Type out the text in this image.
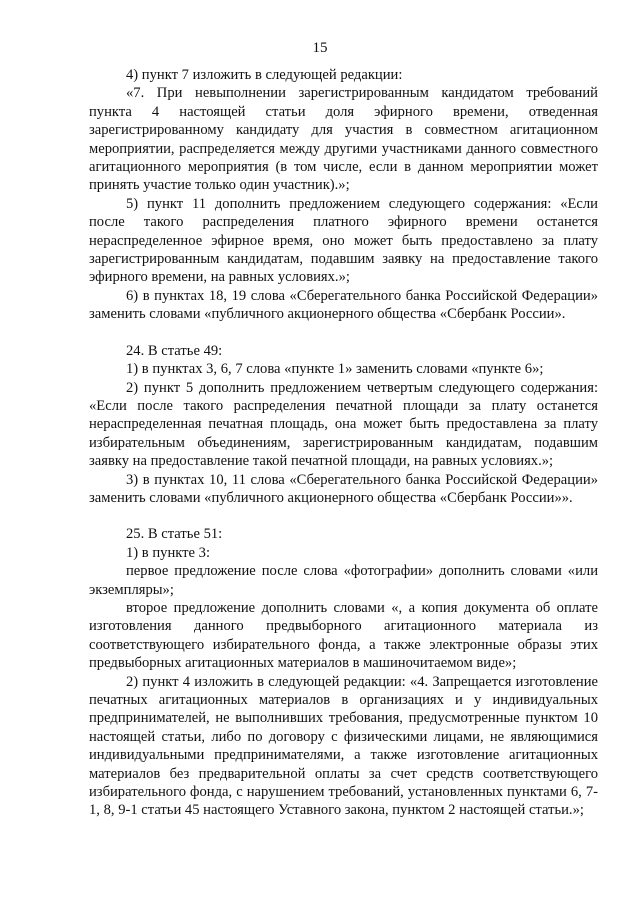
15

4) пункт 7 изложить в следующей редакции:

«7. При невыполнении зарегистрированным кандидатом требований пункта 4 настоящей статьи доля эфирного времени, отведенная зарегистрированному кандидату для участия в совместном агитационном мероприятии, распределяется между другими участниками данного совместного агитационного мероприятия (в том числе, если в данном мероприятии может принять участие только один участник).»;

5) пункт 11 дополнить предложением следующего содержания: «Если после такого распределения платного эфирного времени останется нераспределенное эфирное время, оно может быть предоставлено за плату зарегистрированным кандидатам, подавшим заявку на предоставление такого эфирного времени, на равных условиях.»;

6) в пунктах 18, 19 слова «Сберегательного банка Российской Федерации» заменить словами «публичного акционерного общества «Сбербанк России».

24. В статье 49:

1) в пунктах 3, 6, 7 слова «пункте 1» заменить словами «пункте 6»;

2) пункт 5 дополнить предложением четвертым следующего содержания: «Если после такого распределения печатной площади за плату останется нераспределенная печатная площадь, она может быть предоставлена за плату избирательным объединениям, зарегистрированным кандидатам, подавшим заявку на предоставление такой печатной площади, на равных условиях.»;

3) в пунктах 10, 11 слова «Сберегательного банка Российской Федерации» заменить словами «публичного акционерного общества «Сбербанк России»».

25. В статье 51:

1) в пункте 3:

первое предложение после слова «фотографии» дополнить словами «или экземпляры»;

второе предложение дополнить словами «, а копия документа об оплате изготовления данного предвыборного агитационного материала из соответствующего избирательного фонда, а также электронные образы этих предвыборных агитационных материалов в машиночитаемом виде»;

2) пункт 4 изложить в следующей редакции: «4. Запрещается изготовление печатных агитационных материалов в организациях и у индивидуальных предпринимателей, не выполнивших требования, предусмотренные пунктом 10 настоящей статьи, либо по договору с физическими лицами, не являющимися индивидуальными предпринимателями, а также изготовление агитационных материалов без предварительной оплаты за счет средств соответствующего избирательного фонда, с нарушением требований, установленных пунктами 6, 7-1, 8, 9-1 статьи 45 настоящего Уставного закона, пунктом 2 настоящей статьи.»;
